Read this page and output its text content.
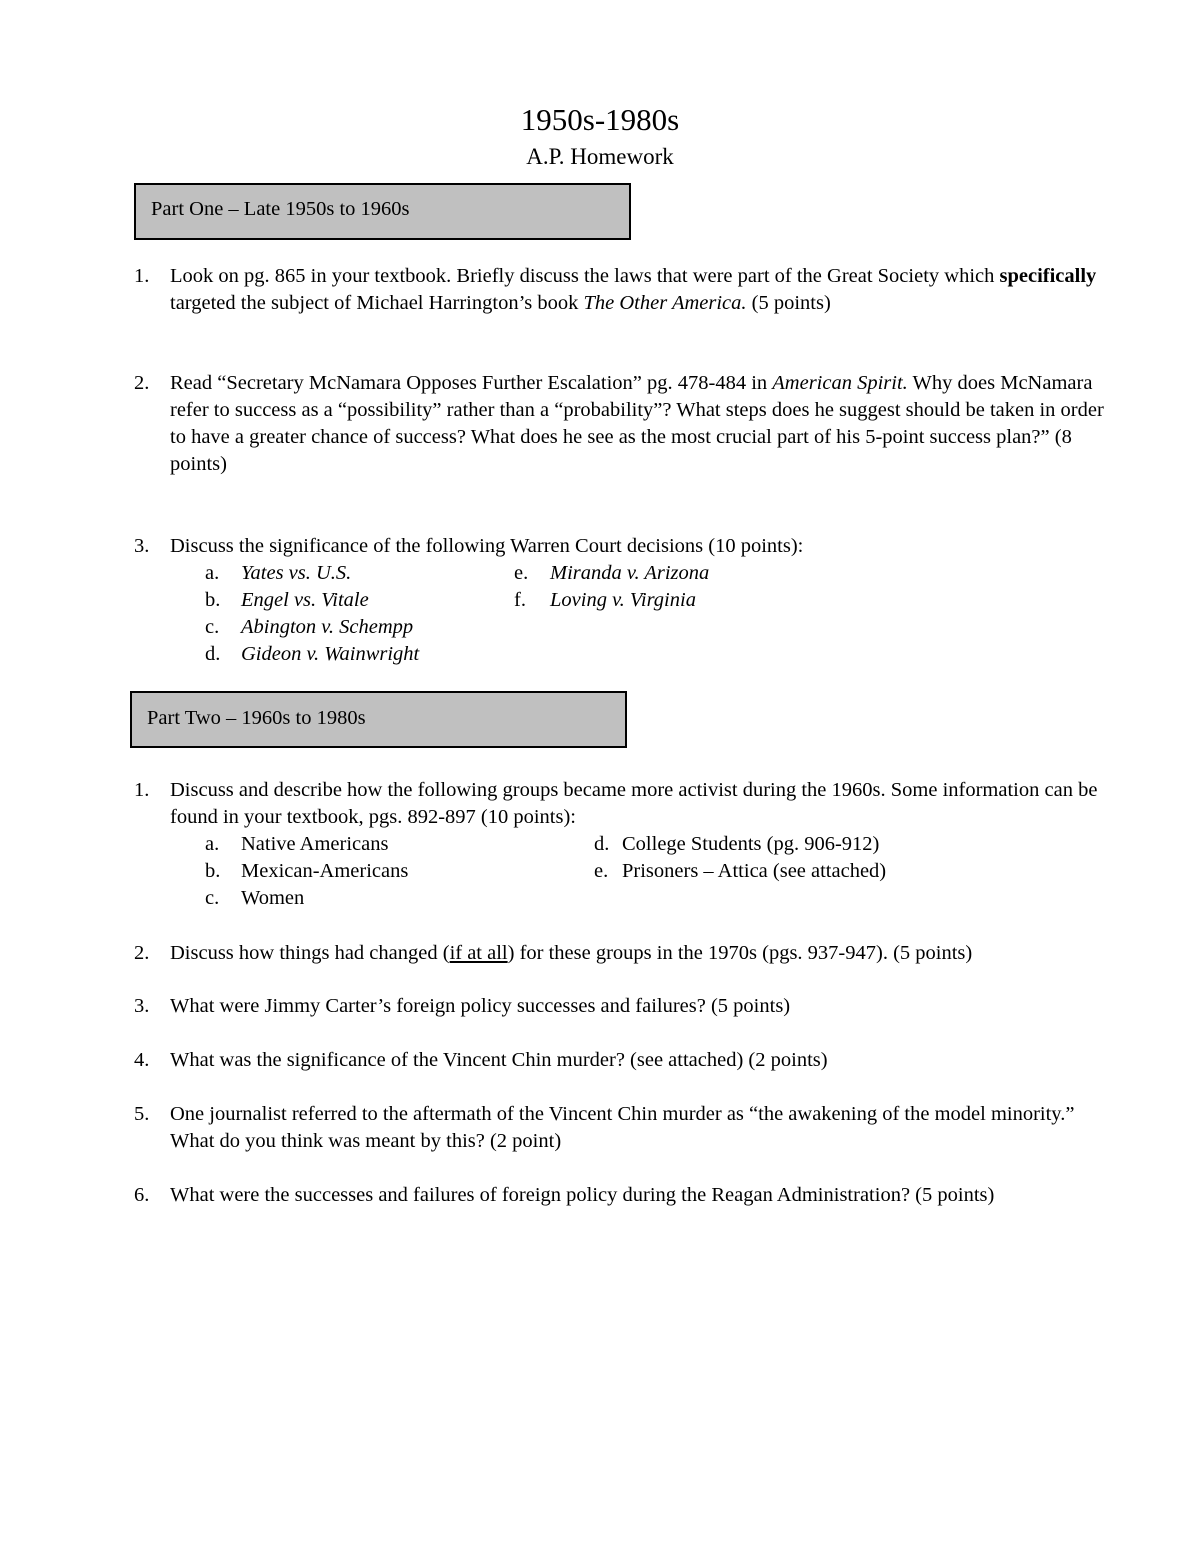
1950s-1980s
A.P. Homework
Part One – Late 1950s to 1960s
1.	Look on pg. 865 in your textbook. Briefly discuss the laws that were part of the Great Society which specifically targeted the subject of Michael Harrington’s book The Other America. (5 points)
2.	Read “Secretary McNamara Opposes Further Escalation” pg. 478-484 in American Spirit. Why does McNamara refer to success as a “possibility” rather than a “probability”? What steps does he suggest should be taken in order to have a greater chance of success? What does he see as the most crucial part of his 5-point success plan?” (8 points)
3.	Discuss the significance of the following Warren Court decisions (10 points):
a. Yates vs. U.S.
b. Engel vs. Vitale
c. Abington v. Schempp
d. Gideon v. Wainwright
e. Miranda v. Arizona
f. Loving v. Virginia
Part Two – 1960s to 1980s
1.	Discuss and describe how the following groups became more activist during the 1960s. Some information can be found in your textbook, pgs. 892-897 (10 points):
a. Native Americans
b. Mexican-Americans
c. Women
d. College Students (pg. 906-912)
e. Prisoners – Attica (see attached)
2.	Discuss how things had changed (if at all) for these groups in the 1970s (pgs. 937-947). (5 points)
3.	What were Jimmy Carter’s foreign policy successes and failures? (5 points)
4.	What was the significance of the Vincent Chin murder? (see attached) (2 points)
5.	One journalist referred to the aftermath of the Vincent Chin murder as “the awakening of the model minority.” What do you think was meant by this? (2 point)
6.	What were the successes and failures of foreign policy during the Reagan Administration? (5 points)
